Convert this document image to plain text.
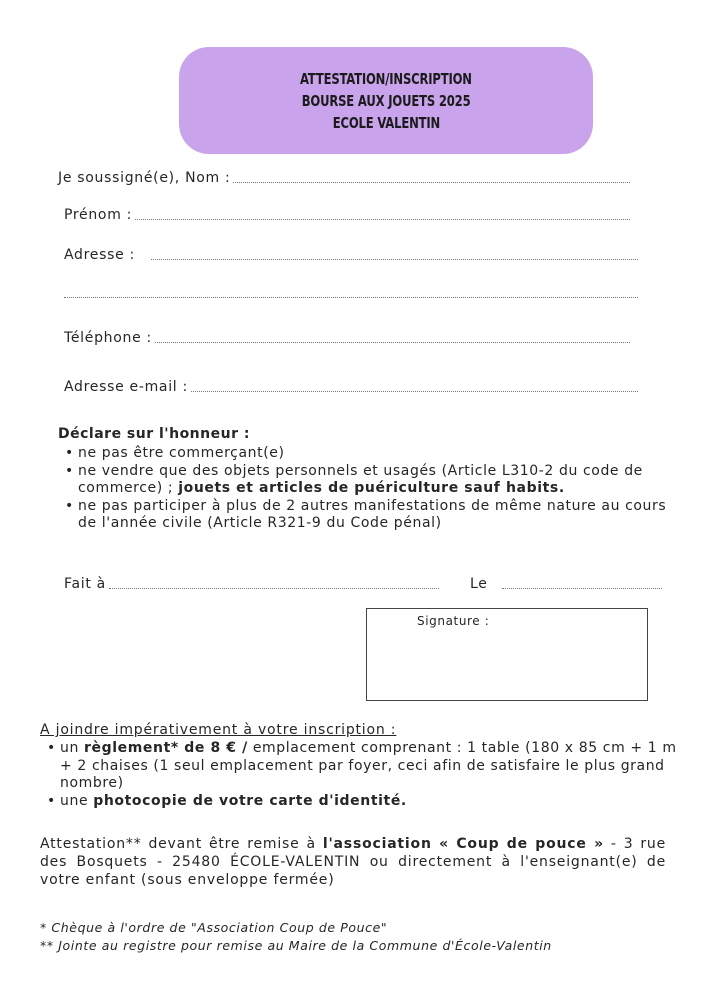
ATTESTATION/INSCRIPTION
BOURSE AUX JOUETS 2025
ECOLE VALENTIN
Je soussigné(e), Nom :
Prénom :
Adresse :
Téléphone :
Adresse e-mail :
Déclare sur l'honneur :
• ne pas être commerçant(e)
• ne vendre que des objets personnels et usagés (Article L310-2 du code de commerce) ; jouets et articles de puériculture sauf habits.
• ne pas participer à plus de 2 autres manifestations de même nature au cours de l'année civile (Article R321-9 du Code pénal)
Fait à	Le
Signature :
A joindre impérativement à votre inscription :
• un règlement* de 8 € / emplacement comprenant : 1 table (180 x 85 cm + 1 m + 2 chaises (1 seul emplacement par foyer, ceci afin de satisfaire le plus grand nombre)
• une photocopie de votre carte d'identité.
Attestation** devant être remise à l'association « Coup de pouce » - 3 rue des Bosquets - 25480 ÉCOLE-VALENTIN ou directement à l'enseignant(e) de votre enfant (sous enveloppe fermée)
* Chèque à l'ordre de "Association Coup de Pouce"
** Jointe au registre pour remise au Maire de la Commune d'École-Valentin
